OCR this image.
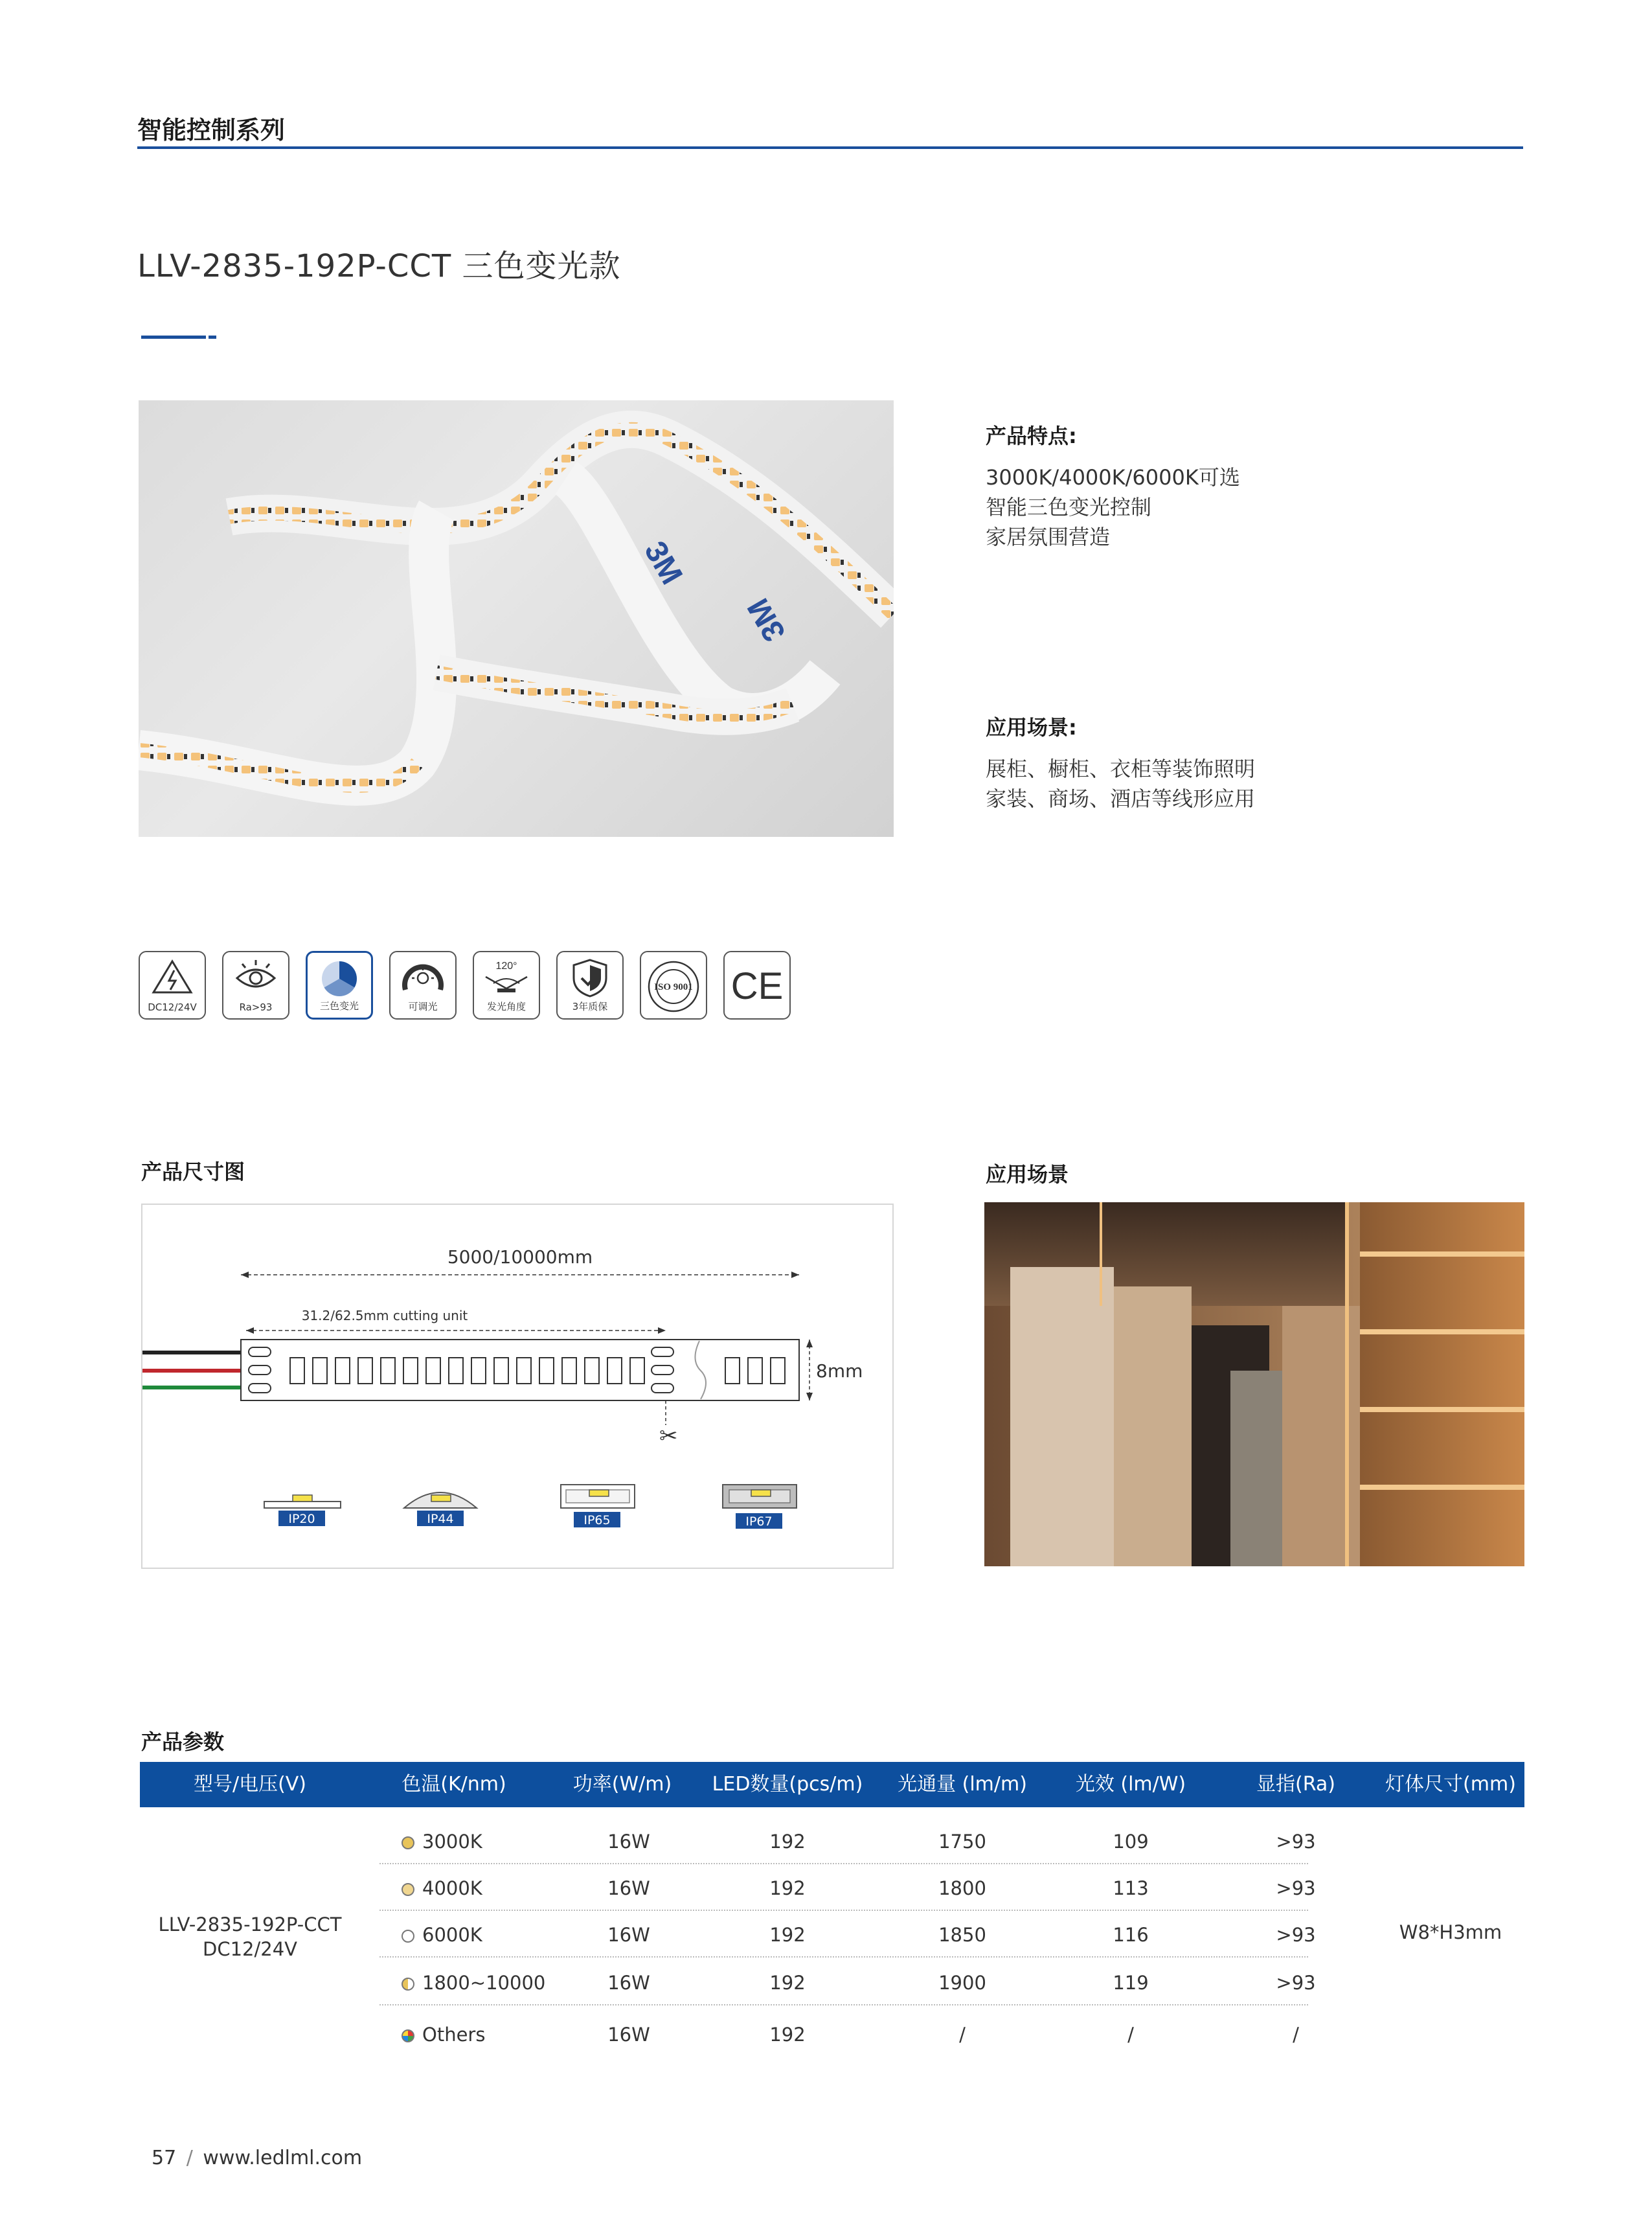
智能控制系列
LLV-2835-192P-CCT 三色变光款
3M
3M
产品特点:
3000K/4000K/6000K可选
智能三色变光控制
家居氛围营造
应用场景:
展柜、橱柜、衣柜等装饰照明
家装、商场、酒店等线形应用
DC12/24V	Ra>93	三色变光	可调光
120°
发光角度	3年质保
ISO 9001 CE
产品尺寸图
5000/10000mm
31.2/62.5mm cutting unit
8mm
✂
IP20	IP44	IP65	IP67
应用场景
产品参数
型号/电压(V)	色温(K/nm)	功率(W/m)	LED数量(pcs/m)	光通量 (lm/m)	光效 (lm/W)	显指(Ra)	灯体尺寸(mm)
LLV-2835-192P-CCT
DC12/24V
W8*H3mm
3000K	16W	192	1750	109	>93
4000K	16W	192	1800	113	>93
6000K	16W	192	1850	116	>93
1800~10000	16W	192	1900	119	>93
Others	16W	192	/	/	/
57 / www.ledlml.com
